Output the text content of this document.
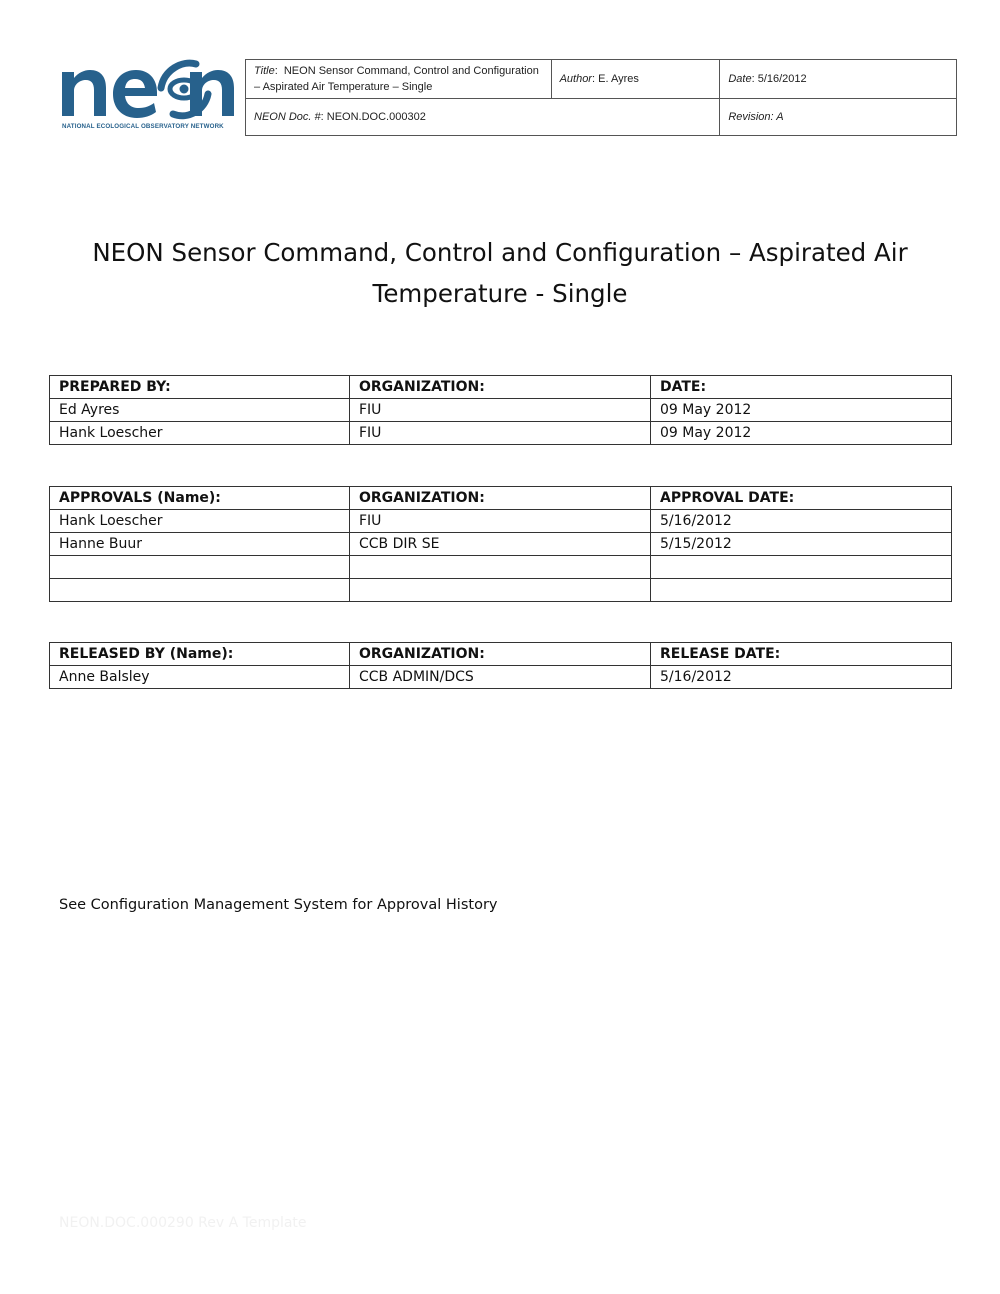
NATIONAL ECOLOGICAL OBSERVATORY NETWORK
Title:  NEON Sensor Command, Control and Configuration – Aspirated Air Temperature – Single	Author: E. Ayres	Date: 5/16/2012
NEON Doc. #: NEON.DOC.000302		Revision: A
NEON Sensor Command, Control and Configuration – Aspirated Air
Temperature - Single
PREPARED BY:	ORGANIZATION:	DATE:
Ed Ayres	FIU	09 May 2012
Hank Loescher	FIU	09 May 2012
APPROVALS (Name):	ORGANIZATION:	APPROVAL DATE:
Hank Loescher	FIU	5/16/2012
Hanne Buur	CCB DIR SE	5/15/2012

RELEASED BY (Name):	ORGANIZATION:	RELEASE DATE:
Anne Balsley	CCB ADMIN/DCS	5/16/2012
See Configuration Management System for Approval History
NEON.DOC.000290 Rev A Template
